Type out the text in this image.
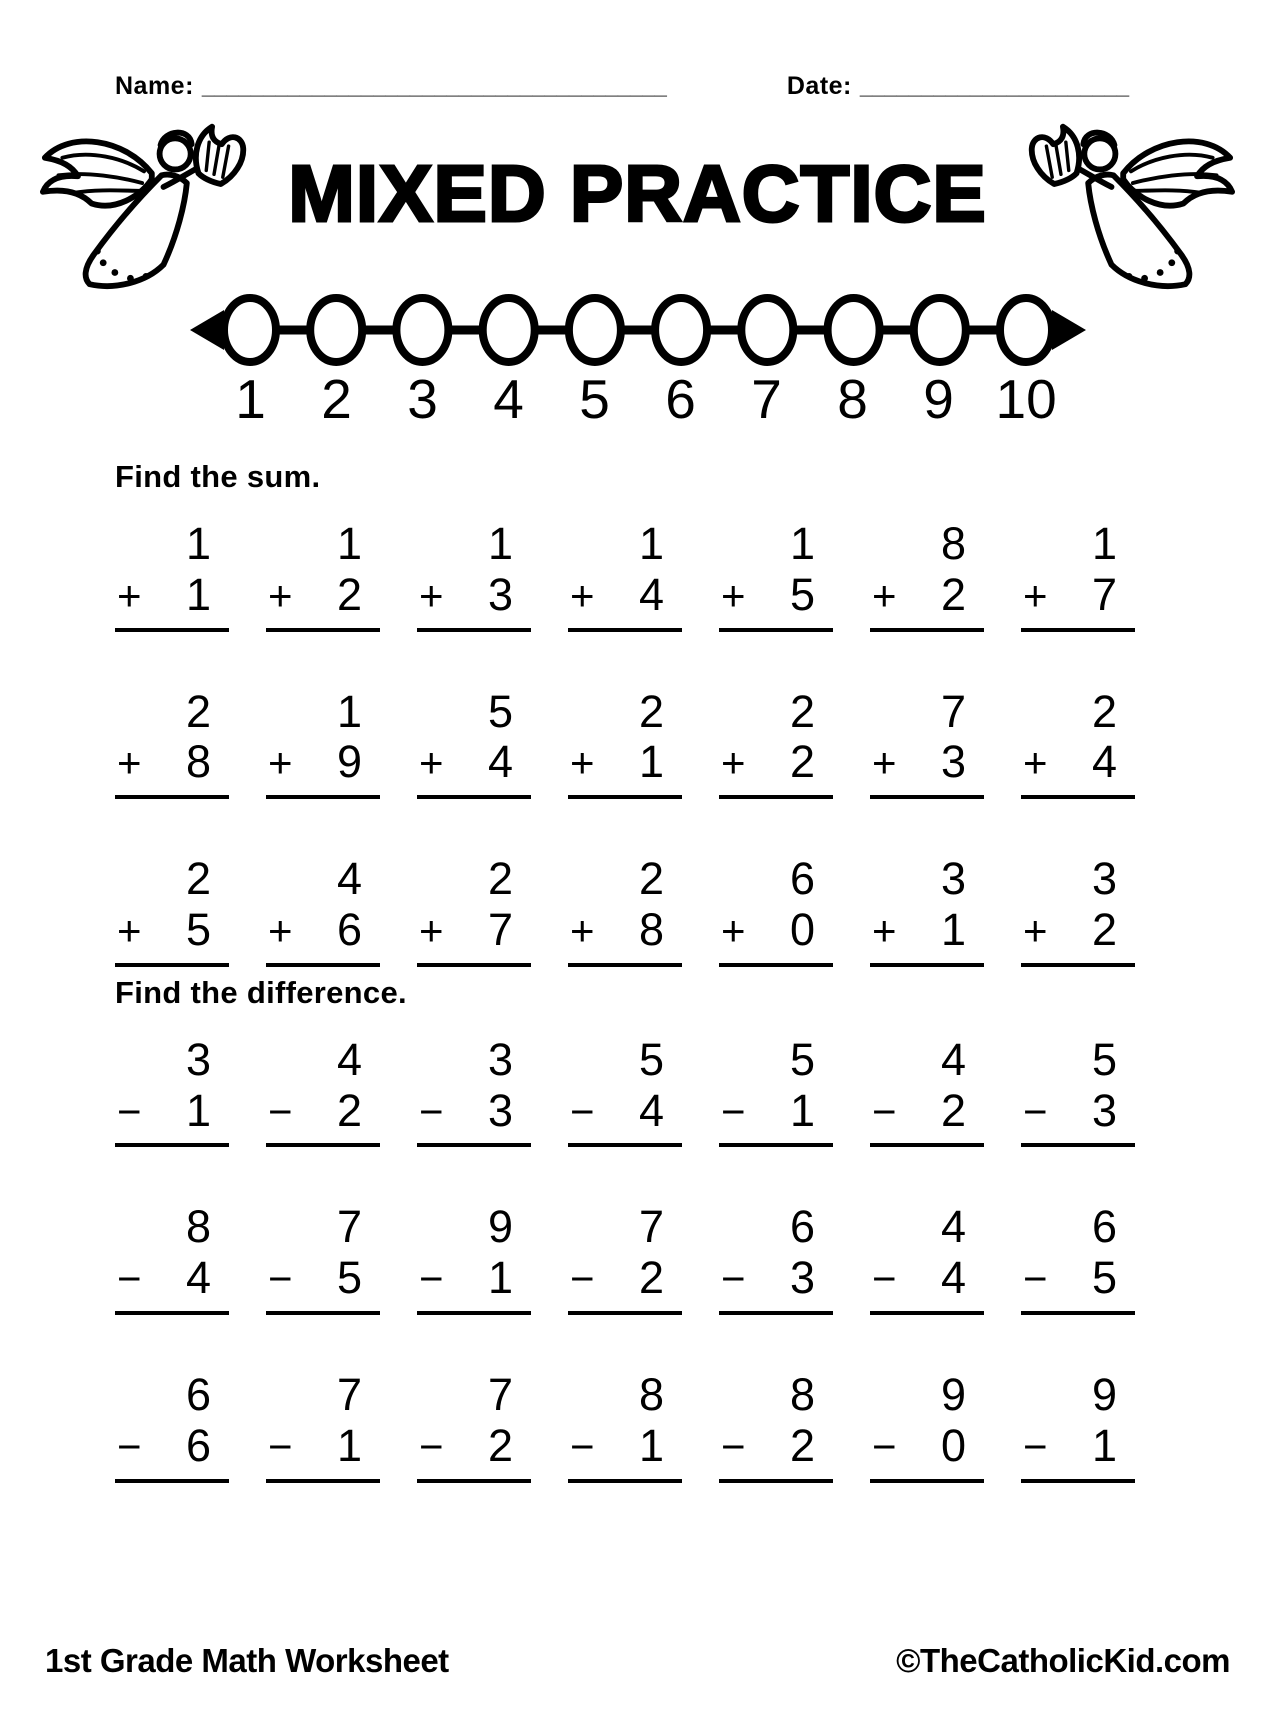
Name: ______________________________________	Date: ______________________
MIXED PRACTICE
1 2 3 4 5 6 7 8 9 10
Find the sum.
1
+ 1
1
+ 2
1
+ 3
1
+ 4
1
+ 5
8
+ 2
1
+ 7
2
+ 8
1
+ 9
5
+ 4
2
+ 1
2
+ 2
7
+ 3
2
+ 4
2
+ 5
4
+ 6
2
+ 7
2
+ 8
6
+ 0
3
+ 1
3
+ 2
Find the difference.
3
− 1
4
− 2
3
− 3
5
− 4
5
− 1
4
− 2
5
− 3
8
− 4
7
− 5
9
− 1
7
− 2
6
− 3
4
− 4
6
− 5
6
− 6
7
− 1
7
− 2
8
− 1
8
− 2
9
− 0
9
− 1
1st Grade Math Worksheet	©TheCatholicKid.com
